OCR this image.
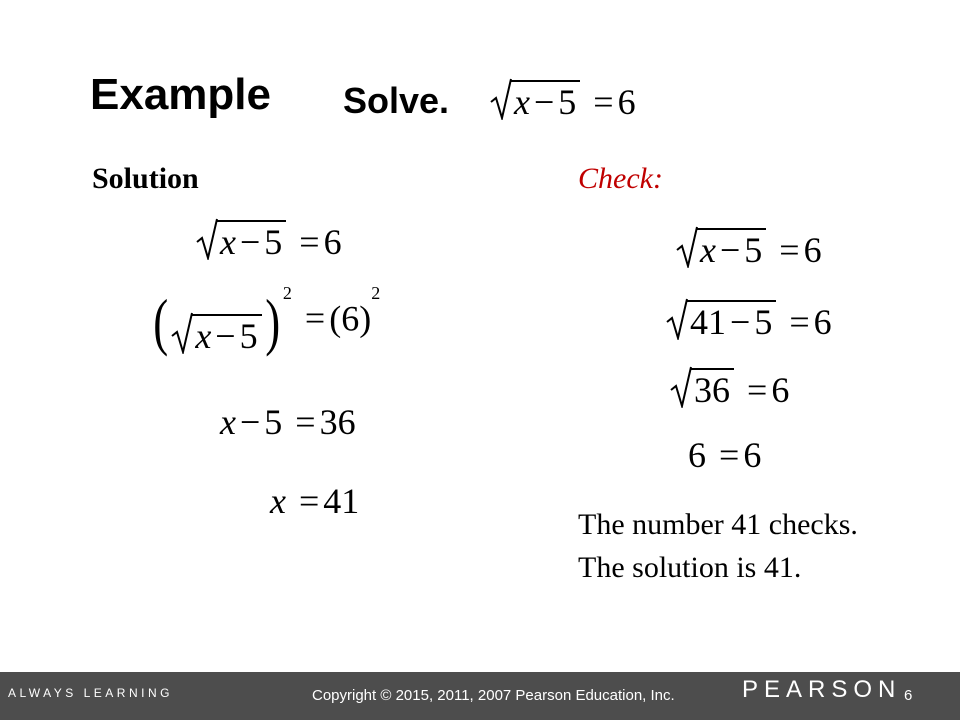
Example Solve. x − 5 = 6
Solution	Check:
x − 5 = 6
( x − 5 ) $^2 = (6)^2$
x − 5 = 36
x = 41
x − 5 = 6
41 − 5 = 6
36 = 6
6 = 6
The number 41 checks. The solution is 41.
ALWAYS LEARNING	Copyright © 2015, 2011, 2007 Pearson Education, Inc.	PEARSON 6
